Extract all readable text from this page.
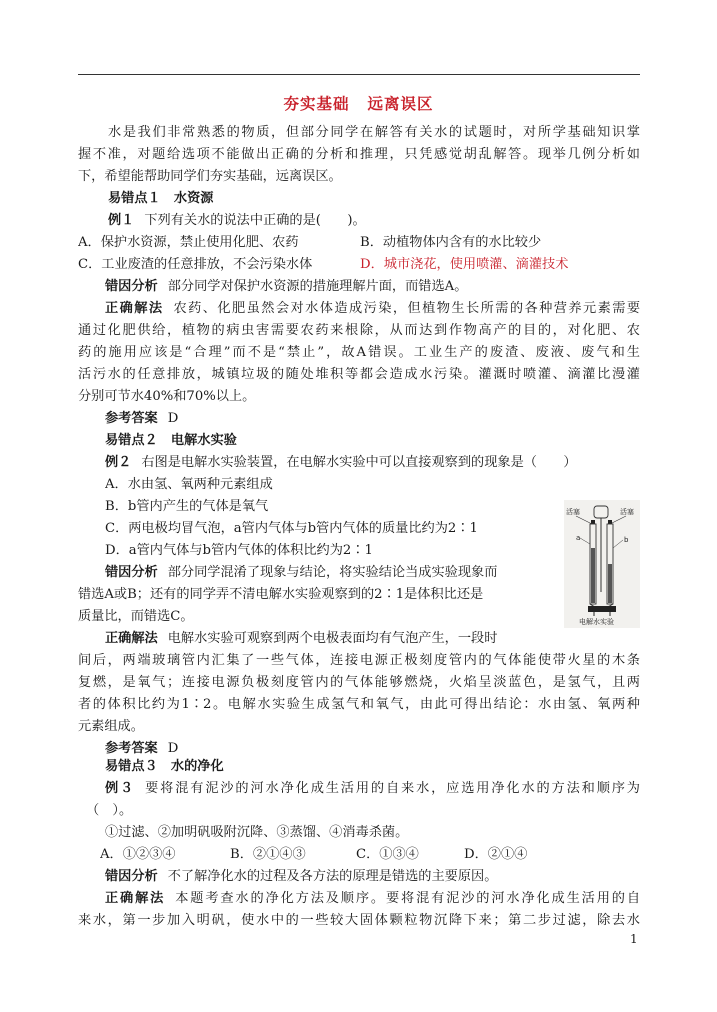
夯实基础 远离误区
水是我们非常熟悉的物质，但部分同学在解答有关水的试题时，对所学基础知识掌
握不准，对题给选项不能做出正确的分析和推理，只凭感觉胡乱解答。现举几例分析如
下，希望能帮助同学们夯实基础，远离误区。
易错点１　水资源
例１ 下列有关水的说法中正确的是(　　)。
A．保护水资源，禁止使用化肥、农药	B．动植物体内含有的水比较少
C．工业废渣的任意排放，不会污染水体	D．城市浇花，使用喷灌、滴灌技术
错因分析 部分同学对保护水资源的措施理解片面，而错选A。
正确解法 农药、化肥虽然会对水体造成污染，但植物生长所需的各种营养元素需要
通过化肥供给，植物的病虫害需要农药来根除，从而达到作物高产的目的，对化肥、农
药的施用应该是“合理”而不是“禁止”，故A错误。工业生产的废渣、废液、废气和生
活污水的任意排放，城镇垃圾的随处堆积等都会造成水污染。灌溉时喷灌、滴灌比漫灌
分别可节水40%和70%以上。
参考答案 D
易错点２　电解水实验
例２ 右图是电解水实验装置，在电解水实验中可以直接观察到的现象是（　　）
A．水由氢、氧两种元素组成
B．b管内产生的气体是氧气
C．两电极均冒气泡，a管内气体与b管内气体的质量比约为2∶1
D．a管内气体与b管内气体的体积比约为2∶1
错因分析 部分同学混淆了现象与结论，将实验结论当成实验现象而
错选A或B；还有的同学弄不清电解水实验观察到的2∶1是体积比还是
质量比，而错选C。
正确解法 电解水实验可观察到两个电极表面均有气泡产生，一段时
间后，两端玻璃管内汇集了一些气体，连接电源正极刻度管内的气体能使带火星的木条
复燃，是氧气；连接电源负极刻度管内的气体能够燃烧，火焰呈淡蓝色，是氢气，且两
者的体积比约为1∶2。电解水实验生成氢气和氧气，由此可得出结论：水由氢、氧两种
元素组成。
参考答案 D
活塞	活塞
a	b
电解水实验
易错点３　水的净化
例３ 要将混有泥沙的河水净化成生活用的自来水，应选用净化水的方法和顺序为
（　）。
①过滤、②加明矾吸附沉降、③蒸馏、④消毒杀菌。
A．①②③④	B．②①④③	C．①③④	D．②①④
错因分析 不了解净化水的过程及各方法的原理是错选的主要原因。
正确解法 本题考查水的净化方法及顺序。要将混有泥沙的河水净化成生活用的自
来水，第一步加入明矾，使水中的一些较大固体颗粒物沉降下来；第二步过滤，除去水
1
